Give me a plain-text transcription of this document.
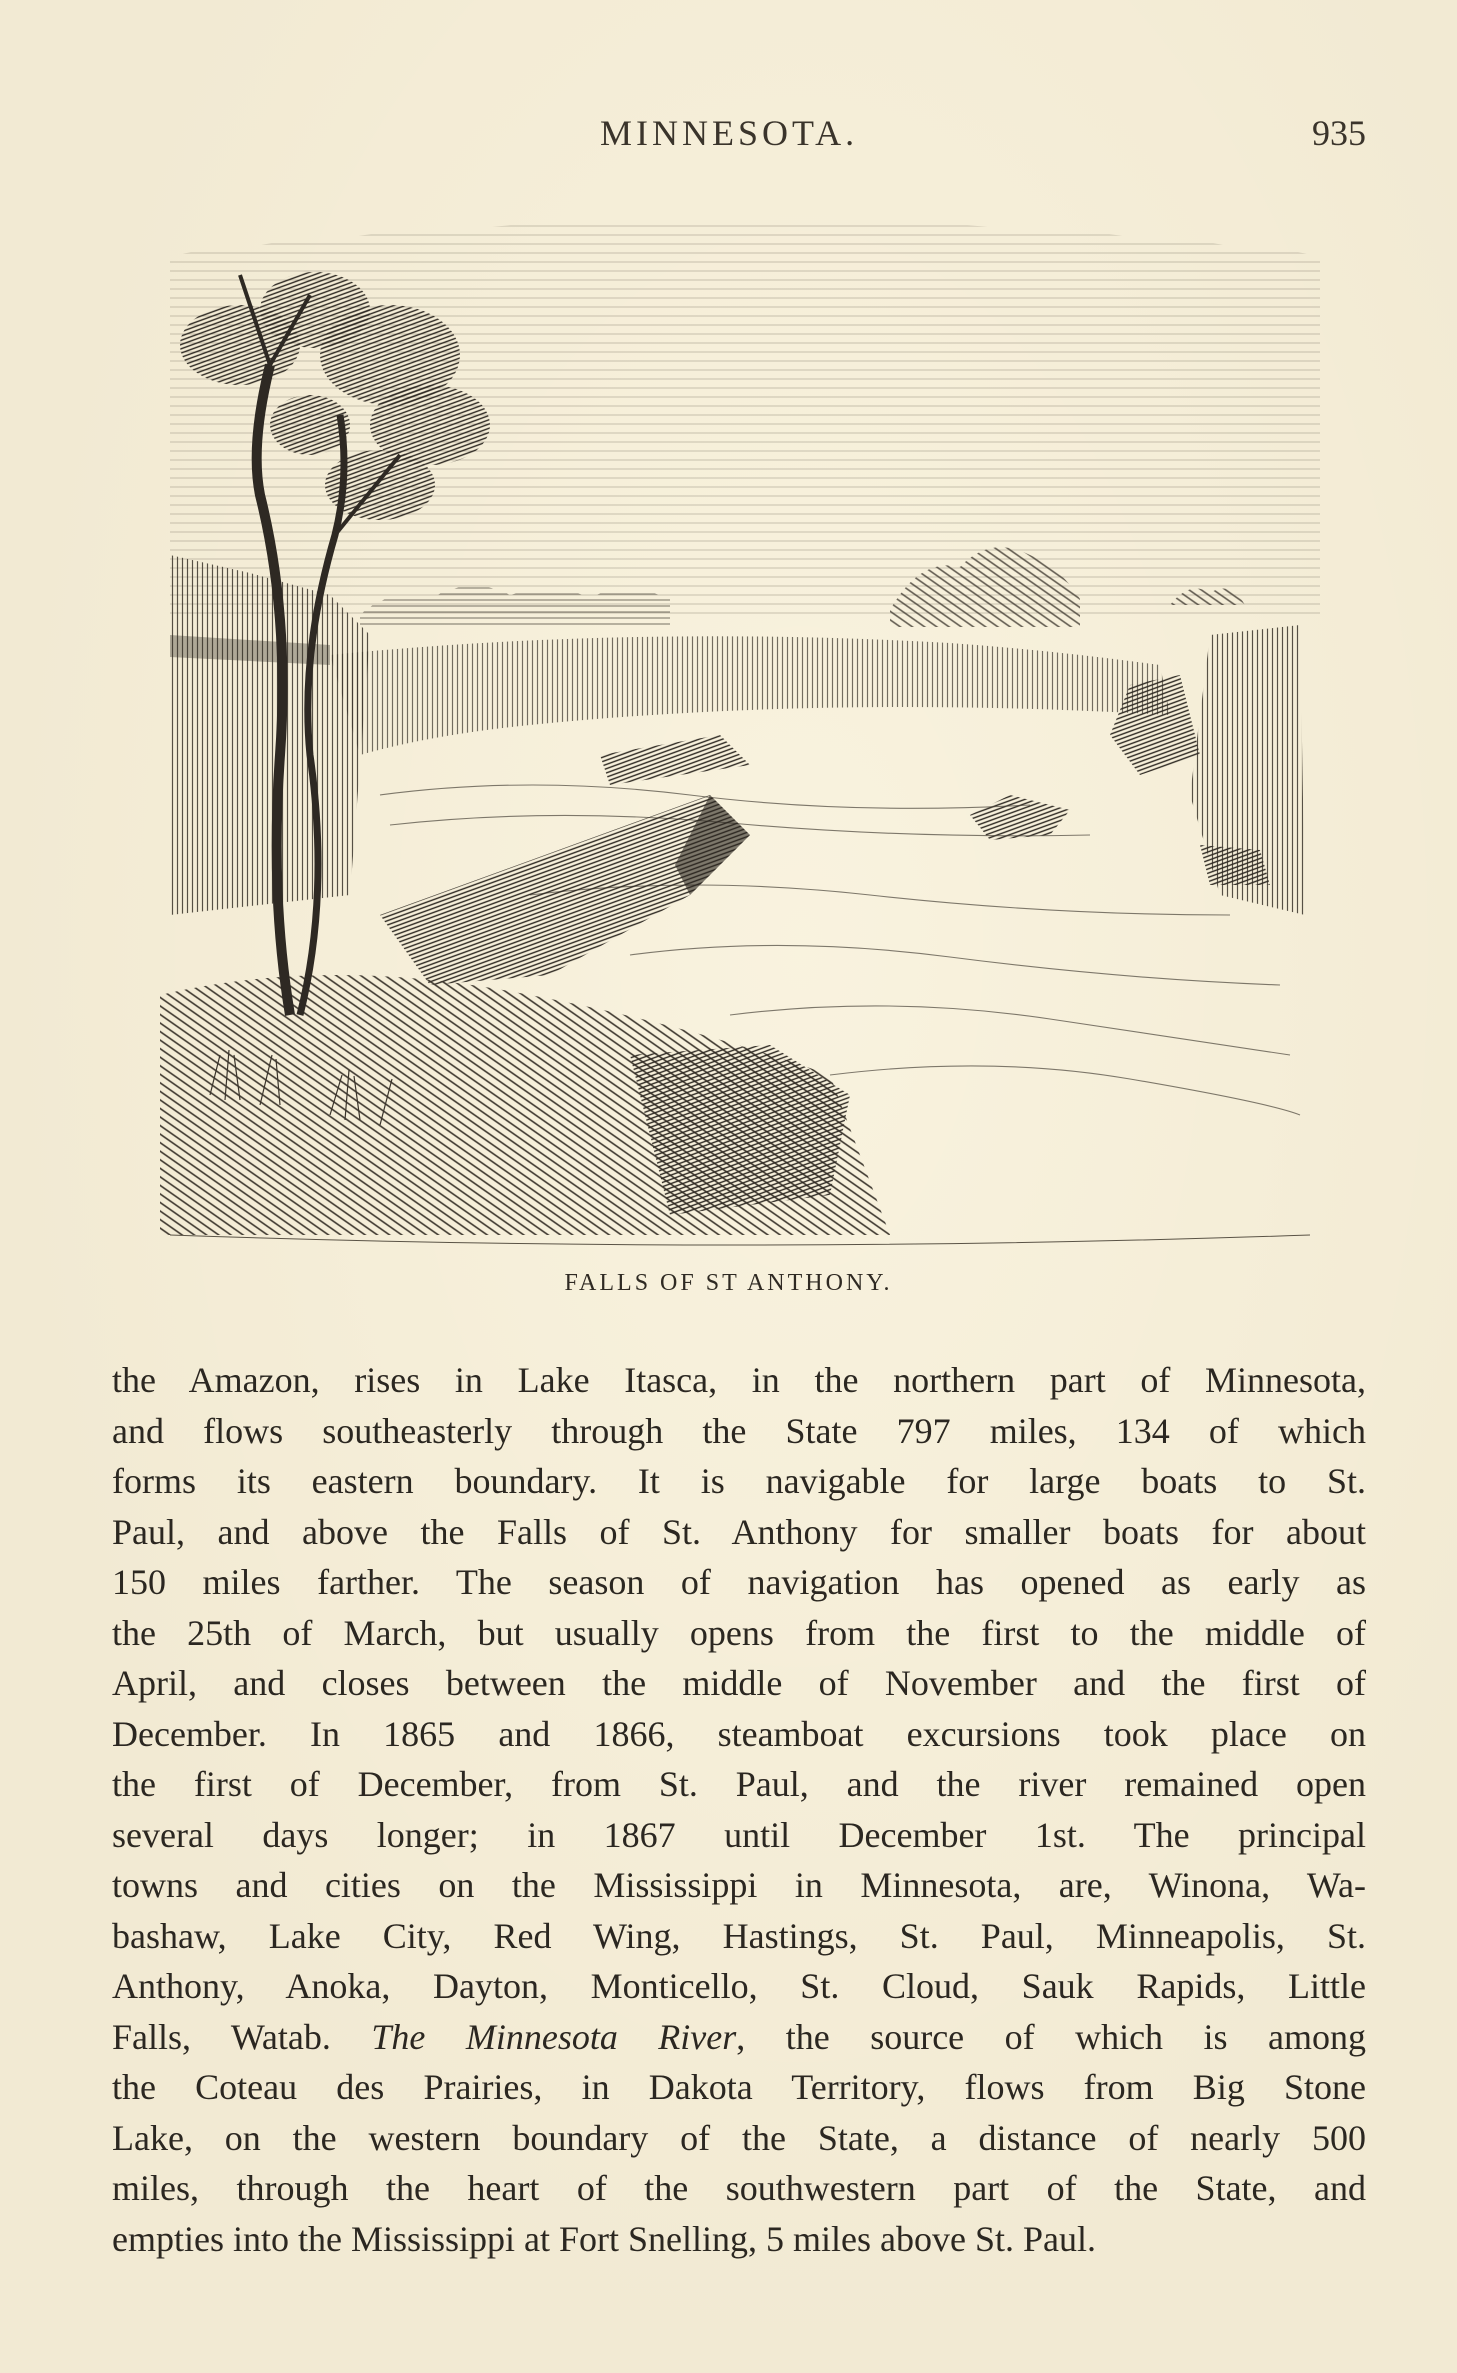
MINNESOTA.	935
FALLS OF ST ANTHONY.
the Amazon, rises in Lake Itasca, in the northern part of Minnesota,
and flows southeasterly through the State 797 miles, 134 of which
forms its eastern boundary. It is navigable for large boats to St.
Paul, and above the Falls of St. Anthony for smaller boats for about
150 miles farther. The season of navigation has opened as early as
the 25th of March, but usually opens from the first to the middle of
April, and closes between the middle of November and the first of
December. In 1865 and 1866, steamboat excursions took place on
the first of December, from St. Paul, and the river remained open
several days longer; in 1867 until December 1st. The principal
towns and cities on the Mississippi in Minnesota, are, Winona, Wa-
bashaw, Lake City, Red Wing, Hastings, St. Paul, Minneapolis, St.
Anthony, Anoka, Dayton, Monticello, St. Cloud, Sauk Rapids, Little
Falls, Watab. The Minnesota River, the source of which is among
the Coteau des Prairies, in Dakota Territory, flows from Big Stone
Lake, on the western boundary of the State, a distance of nearly 500
miles, through the heart of the southwestern part of the State, and
empties into the Mississippi at Fort Snelling, 5 miles above St. Paul.
